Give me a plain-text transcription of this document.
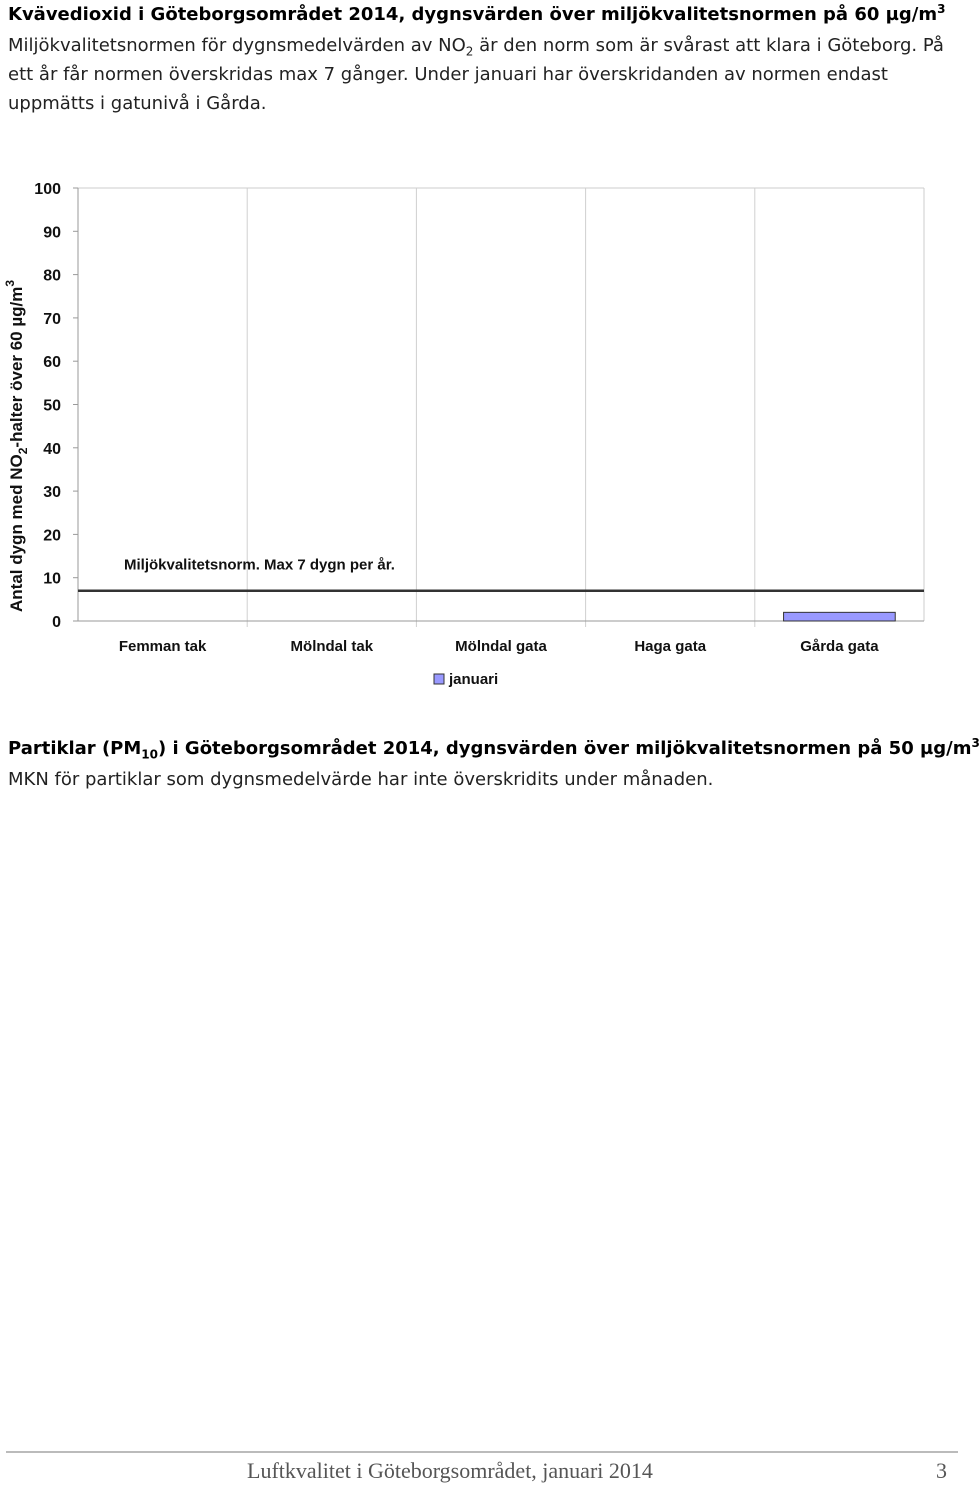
Kvävedioxid i Göteborgsområdet 2014, dygnsvärden över miljökvalitetsnormen på 60 $\mu g/m^3$
Miljökvalitetsnormen för dygnsmedelvärden av $NO_2$ är den norm som är svårast att klara i Göteborg. På ett år får normen överskridas max 7 gånger. Under januari har överskridanden av normen endast uppmätts i gatunivå i Gårda.
0
10
20
30
40
50
60
70
80
90
100
Miljökvalitetsnorm. Max 7 dygn per år.
Femman tak	Mölndal tak	Mölndal gata	Haga gata	Gårda gata
Antal dygn med $NO_2$-halter över 60 $\mu g/m^3$
januari
Partiklar $(PM_{10})$ i Göteborgsområdet 2014, dygnsvärden över miljökvalitetsnormen på 50 $\mu g/m^3$
MKN för partiklar som dygnsmedelvärde har inte överskridits under månaden.
Luftkvalitet i Göteborgsområdet, januari 2014	3
